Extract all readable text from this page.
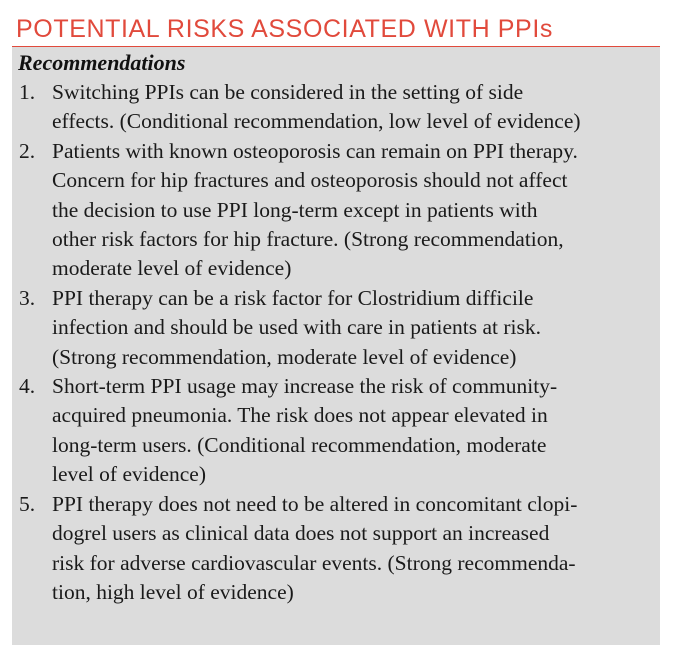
POTENTIAL RISKS ASSOCIATED WITH PPIs
Recommendations
1. Switching PPIs can be considered in the setting of side
effects. (Conditional recommendation, low level of evidence)
2. Patients with known osteoporosis can remain on PPI therapy.
Concern for hip fractures and osteoporosis should not affect
the decision to use PPI long-term except in patients with
other risk factors for hip fracture. (Strong recommendation,
moderate level of evidence)
3. PPI therapy can be a risk factor for Clostridium difficile
infection and should be used with care in patients at risk.
(Strong recommendation, moderate level of evidence)
4. Short-term PPI usage may increase the risk of community-
acquired pneumonia. The risk does not appear elevated in
long-term users. (Conditional recommendation, moderate
level of evidence)
5. PPI therapy does not need to be altered in concomitant clopi-
dogrel users as clinical data does not support an increased
risk for adverse cardiovascular events. (Strong recommenda-
tion, high level of evidence)
